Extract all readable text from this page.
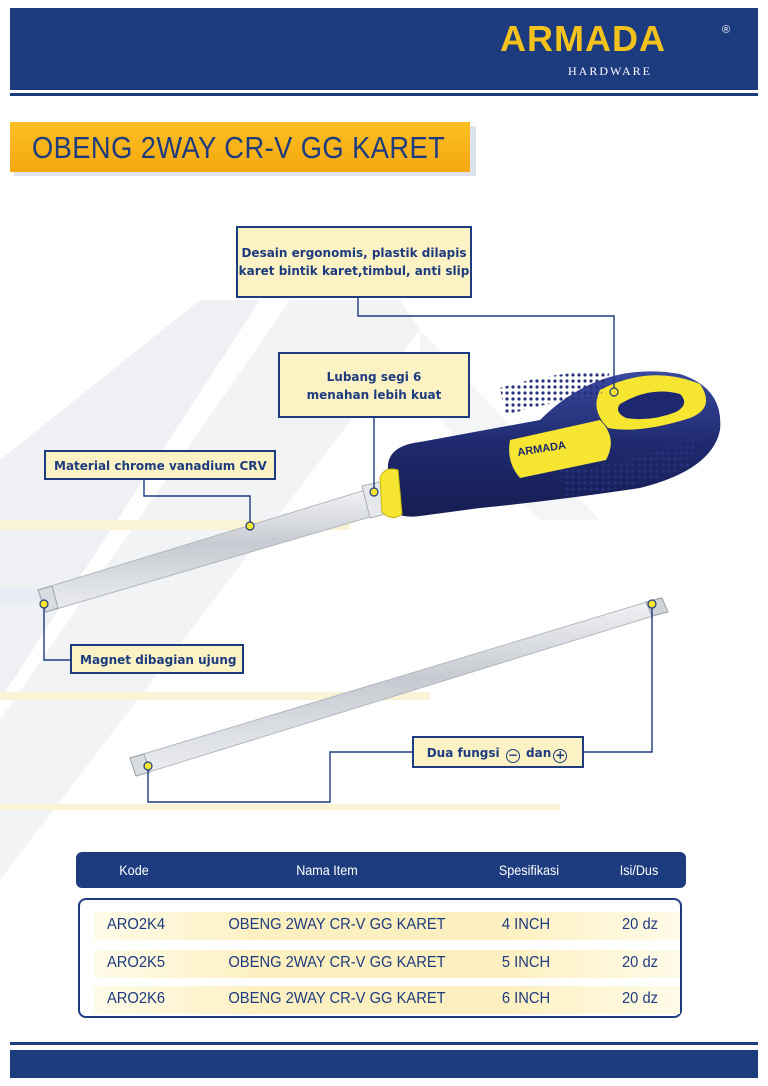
ARMADA	®
HARDWARE
OBENG 2WAY CR-V GG KARET
ARMADA
Desain ergonomis, plastik dilapis
karet bintik karet,timbul, anti slip
Lubang segi 6
menahan lebih kuat
Material chrome vanadium CRV
Magnet dibagian ujung
Dua fungsi − dan +
Kode	Nama Item	Spesifikasi	Isi/Dus
ARO2K4	OBENG 2WAY CR-V GG KARET	4 INCH	20 dz
ARO2K5	OBENG 2WAY CR-V GG KARET	5 INCH	20 dz
ARO2K6	OBENG 2WAY CR-V GG KARET	6 INCH	20 dz
